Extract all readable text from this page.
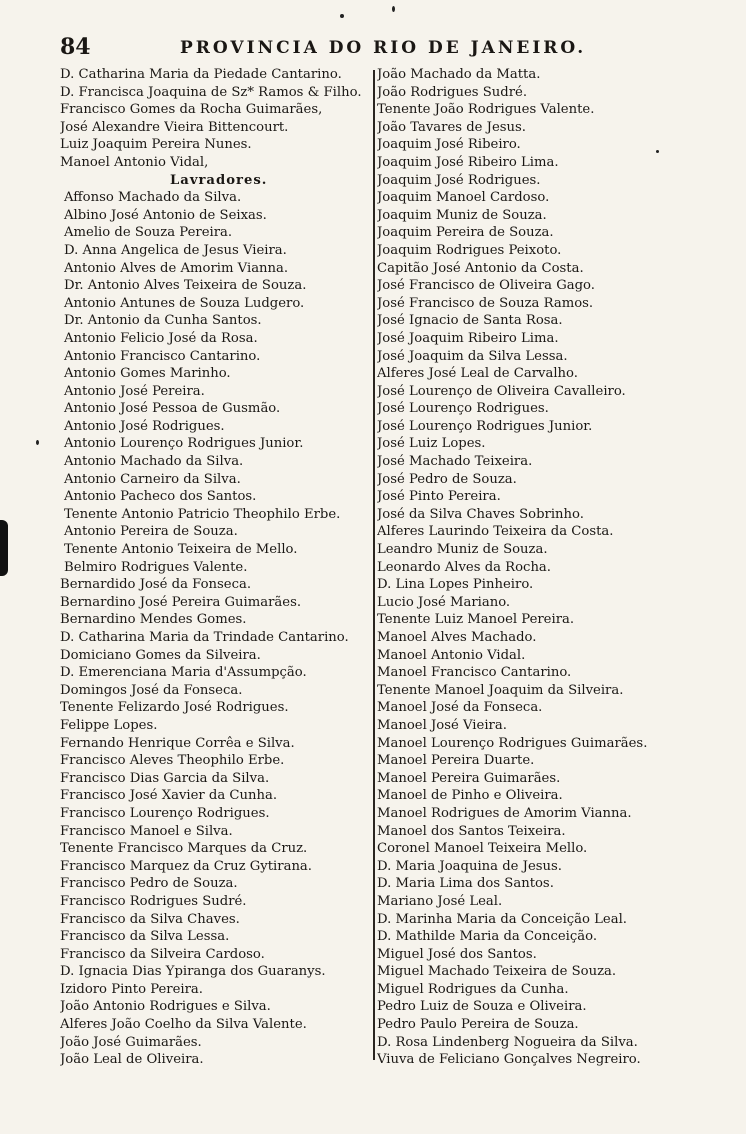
84	PROVINCIA DO RIO DE JANEIRO.
D. Catharina Maria da Piedade Cantarino.
D. Francisca Joaquina de Sz* Ramos & Filho.
Francisco Gomes da Rocha Guimarães,
José Alexandre Vieira Bittencourt.
Luiz Joaquim Pereira Nunes.
Manoel Antonio Vidal,
Lavradores.
Affonso Machado da Silva.
Albino José Antonio de Seixas.
Amelio de Souza Pereira.
D. Anna Angelica de Jesus Vieira.
Antonio Alves de Amorim Vianna.
Dr. Antonio Alves Teixeira de Souza.
Antonio Antunes de Souza Ludgero.
Dr. Antonio da Cunha Santos.
Antonio Felicio José da Rosa.
Antonio Francisco Cantarino.
Antonio Gomes Marinho.
Antonio José Pereira.
Antonio José Pessoa de Gusmão.
Antonio José Rodrigues.
Antonio Lourenço Rodrigues Junior.
Antonio Machado da Silva.
Antonio Carneiro da Silva.
Antonio Pacheco dos Santos.
Tenente Antonio Patricio Theophilo Erbe.
Antonio Pereira de Souza.
Tenente Antonio Teixeira de Mello.
Belmiro Rodrigues Valente.
Bernardido José da Fonseca.
Bernardino José Pereira Guimarães.
Bernardino Mendes Gomes.
D. Catharina Maria da Trindade Cantarino.
Domiciano Gomes da Silveira.
D. Emerenciana Maria d'Assumpção.
Domingos José da Fonseca.
Tenente Felizardo José Rodrigues.
Felippe Lopes.
Fernando Henrique Corrêa e Silva.
Francisco Aleves Theophilo Erbe.
Francisco Dias Garcia da Silva.
Francisco José Xavier da Cunha.
Francisco Lourenço Rodrigues.
Francisco Manoel e Silva.
Tenente Francisco Marques da Cruz.
Francisco Marquez da Cruz Gytirana.
Francisco Pedro de Souza.
Francisco Rodrigues Sudré.
Francisco da Silva Chaves.
Francisco da Silva Lessa.
Francisco da Silveira Cardoso.
D. Ignacia Dias Ypiranga dos Guaranys.
Izidoro Pinto Pereira.
João Antonio Rodrigues e Silva.
Alferes João Coelho da Silva Valente.
João José Guimarães.
João Leal de Oliveira.
João Machado da Matta.
João Rodrigues Sudré.
Tenente João Rodrigues Valente.
João Tavares de Jesus.
Joaquim José Ribeiro.
Joaquim José Ribeiro Lima.
Joaquim José Rodrigues.
Joaquim Manoel Cardoso.
Joaquim Muniz de Souza.
Joaquim Pereira de Souza.
Joaquim Rodrigues Peixoto.
Capitão José Antonio da Costa.
José Francisco de Oliveira Gago.
José Francisco de Souza Ramos.
José Ignacio de Santa Rosa.
José Joaquim Ribeiro Lima.
José Joaquim da Silva Lessa.
Alferes José Leal de Carvalho.
José Lourenço de Oliveira Cavalleiro.
José Lourenço Rodrigues.
José Lourenço Rodrigues Junior.
José Luiz Lopes.
José Machado Teixeira.
José Pedro de Souza.
José Pinto Pereira.
José da Silva Chaves Sobrinho.
Alferes Laurindo Teixeira da Costa.
Leandro Muniz de Souza.
Leonardo Alves da Rocha.
D. Lina Lopes Pinheiro.
Lucio José Mariano.
Tenente Luiz Manoel Pereira.
Manoel Alves Machado.
Manoel Antonio Vidal.
Manoel Francisco Cantarino.
Tenente Manoel Joaquim da Silveira.
Manoel José da Fonseca.
Manoel José Vieira.
Manoel Lourenço Rodrigues Guimarães.
Manoel Pereira Duarte.
Manoel Pereira Guimarães.
Manoel de Pinho e Oliveira.
Manoel Rodrigues de Amorim Vianna.
Manoel dos Santos Teixeira.
Coronel Manoel Teixeira Mello.
D. Maria Joaquina de Jesus.
D. Maria Lima dos Santos.
Mariano José Leal.
D. Marinha Maria da Conceição Leal.
D. Mathilde Maria da Conceição.
Miguel José dos Santos.
Miguel Machado Teixeira de Souza.
Miguel Rodrigues da Cunha.
Pedro Luiz de Souza e Oliveira.
Pedro Paulo Pereira de Souza.
D. Rosa Lindenberg Nogueira da Silva.
Viuva de Feliciano Gonçalves Negreiro.
